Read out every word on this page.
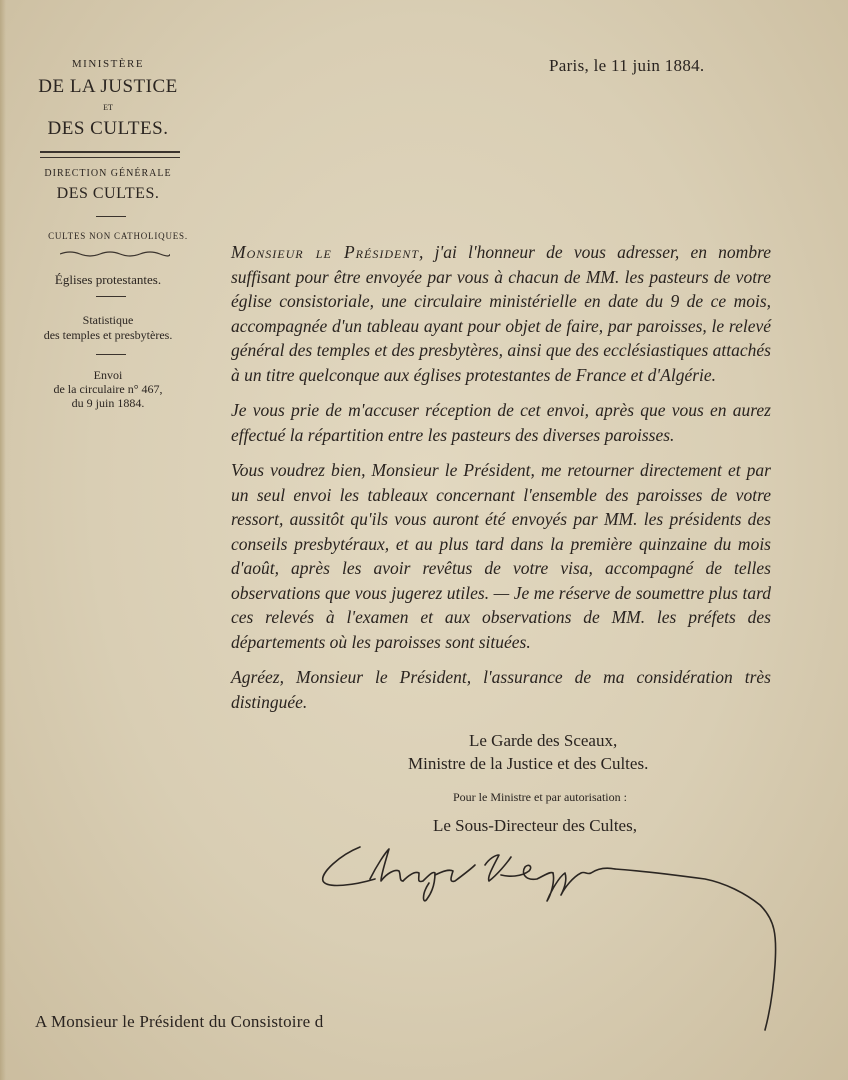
MINISTÈRE
DE LA JUSTICE
ET
DES CULTES.
DIRECTION GÉNÉRALE
DES CULTES.
CULTES NON CATHOLIQUES.
Églises protestantes.
Statistique
des temples et presbytères.
Envoi
de la circulaire n° 467,
du 9 juin 1884.
Paris, le 11 juin 1884.

Monsieur le Président, j'ai l'honneur de vous adresser, en nombre suffisant pour être envoyée par vous à chacun de MM. les pasteurs de votre église consistoriale, une circulaire ministérielle en date du 9 de ce mois, accompagnée d'un tableau ayant pour objet de faire, par paroisses, le relevé général des temples et des presbytères, ainsi que des ecclésiastiques attachés à un titre quelconque aux églises protestantes de France et d'Algérie.

Je vous prie de m'accuser réception de cet envoi, après que vous en aurez effectué la répartition entre les pasteurs des diverses paroisses.

Vous voudrez bien, Monsieur le Président, me retourner directement et par un seul envoi les tableaux concernant l'ensemble des paroisses de votre ressort, aussitôt qu'ils vous auront été envoyés par MM. les présidents des conseils presbytéraux, et au plus tard dans la première quinzaine du mois d'août, après les avoir revêtus de votre visa, accompagné de telles observations que vous jugerez utiles. — Je me réserve de soumettre plus tard ces relevés à l'examen et aux observations de MM. les préfets des départements où les paroisses sont situées.

Agréez, Monsieur le Président, l'assurance de ma considération très distinguée.

Le Garde des Sceaux,
Ministre de la Justice et des Cultes.
Pour le Ministre et par autorisation :
Le Sous-Directeur des Cultes,
A Monsieur le Président du Consistoire d
